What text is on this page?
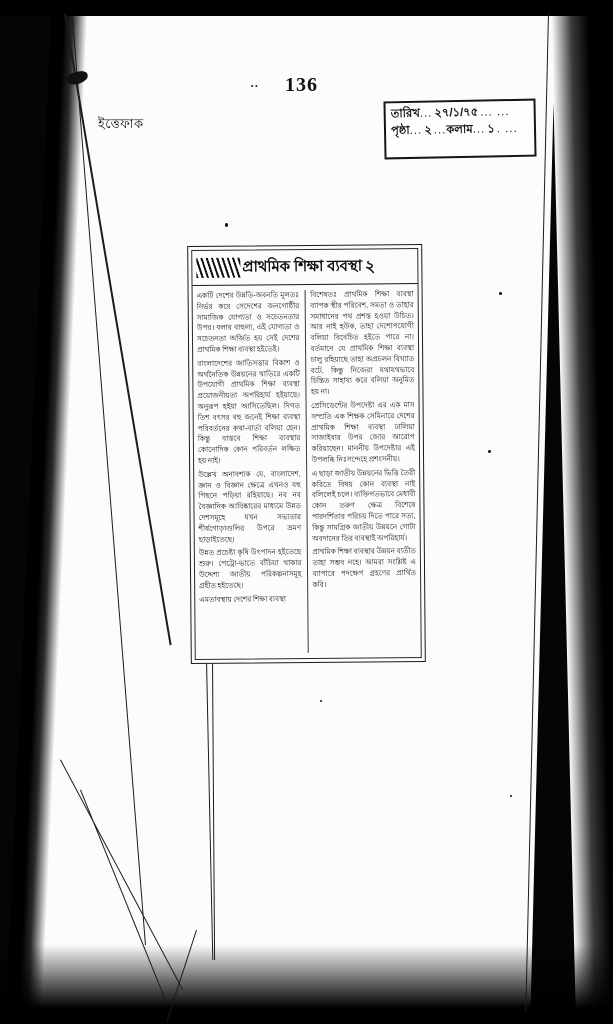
.. 136
ইত্তেফাক
তারিখ ... ২৭/১/৭৫ ... ...
পৃষ্ঠা ... ২ ... কলাম ... ১ . ...
প্রাথমিক শিক্ষা ব্যবস্থা ২

একটি দেশের উন্নতি-অবনতি মূলতঃ নিৰ্ভর করে সেদেশের জনগোষ্ঠীর সামাজিক যোগ্যতা ও সচেতনতার উপর। বলার বাহুল্য, এই যোগ্যতা ও সচেতনতা অর্জিত হয় সেই দেশের প্রাথমিক শিক্ষা ব্যবস্থা হইতেই।

বাংলাদেশের জাতিসত্তার বিকাশ ও অর্থনৈতিক উন্নয়নের খাতিরে একটি উপযোগী প্রাথমিক শিক্ষা ব্যবস্থা প্রয়োজনীয়তা অপরিহার্য হইয়াছে। অনুরূপ হইয়া আসিতেছিল। দিগত তিশ বৎসর বহু জনেই শিক্ষা ব্যবস্থা পরিবর্তনের কথা-বার্তা বলিয়া ছেন। কিন্তু বাস্তবে শিক্ষা ব্যবস্থার কোনোদিক কোন পরিবর্তন লক্ষিত হয় নাই।

উল্লেখ অনাবশ্যক যে, বাংলাদেশ, জ্ঞান ও বিজ্ঞান ক্ষেত্রে এখনও বহু পিছনে পড়িয়া রহিয়াছে। নব নব বৈজ্ঞানিক আবিষ্কারের মাধ্যমে উন্নত দেশসমূহে যখন সভ্যতার শীর্ষগোড়াগুলির উপরে ভ্রমণ ছাড়াইতেছে।

উন্নত প্রচেষ্টা কৃষি উৎপাদন হইতেছে শুরু। পেট্রো-ভাতে বাঁচিয়া থাকার উদ্দেশ্য জাতীয় পরিকল্পনাসমূহ গ্রহীত হইতেছে।

এমতাবস্থায় দেশের শিক্ষা ব্যবস্থা

বিশেষতঃ প্রাথমিক শিক্ষা ব্যবস্থা ব্যাপক স্থীর পরিবেশ, সমতা ও তাহার সমাধানের পথ প্রশস্ত হওয়া উচিত। আর নাই হউক, তাহা দেশোপযোগী বলিয়া বিবেচিত হইতে পারে না। বর্তমানে যে প্রাথমিক শিক্ষা ব্যবস্থা চালু রহিয়াছে তাহা অপ্রচলন বিখ্যাত বটে, কিন্তু নিজেরা যথাযথভাবে চিন্তিত সাহায্য করে বলিয়া অনুমিত হয় না।

প্রেসিডেন্টের উপদেষ্টা এর এক মাস সম্প্রতি এক শিক্ষক সেমিনারে দেশের প্রাথমিক শিক্ষা ব্যবস্থা ঢালিয়া সাজাইবার উপর জোর আরোপ করিয়াছেন। মাননীয় উপদেষ্টার এই উপলব্ধি নিঃসন্দেহে প্রশংসনীয়।

এ ছাড়া জাতীয় উন্নয়নের ভিত্তি তৈরী করিতে বিষয় কোন ব্যবস্থা নাই বলিলেই চলে। ব্যক্তিগতভাবে মেধাবী কোন তরুণ ক্ষেত্র বিশেষে পারদর্শিতার পরিচয় দিতে পারে সত্য, কিন্তু সামগ্রিক জাতীয় উন্নয়নে গোটা অবদানের তির ব্যবস্থাই অপরিহার্য।

প্রাথমিক শিক্ষা ব্যবস্থার উন্নয়ন ব্যতীত তাহা সম্ভব নহে। আমরা সংশ্লিষ্ট এ ব্যাপারে পদক্ষেপ গ্রহণের প্রার্থিত করি।
